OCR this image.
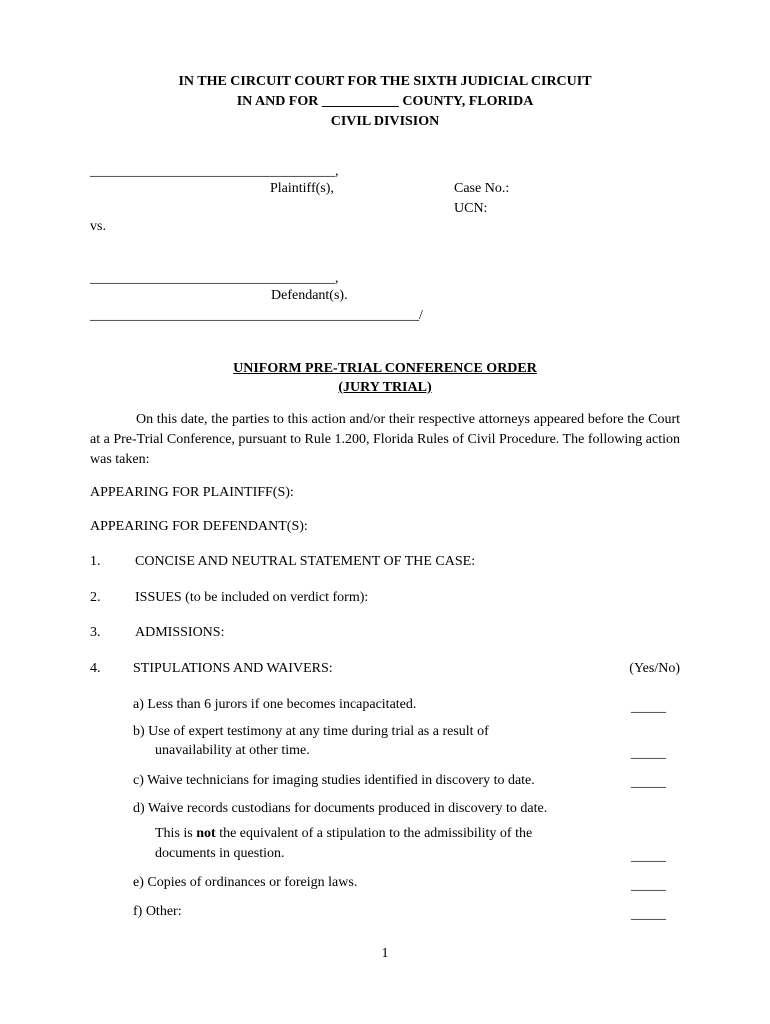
IN THE CIRCUIT COURT FOR THE SIXTH JUDICIAL CIRCUIT
IN AND FOR ___________ COUNTY, FLORIDA
CIVIL DIVISION
___________________________________,
Plaintiff(s),	Case No.:
UCN:
vs.
___________________________________,
Defendant(s).
_______________________________________________/
UNIFORM PRE-TRIAL CONFERENCE ORDER
(JURY TRIAL)
On this date, the parties to this action and/or their respective attorneys appeared before the Court at a Pre-Trial Conference, pursuant to Rule 1.200, Florida Rules of Civil Procedure. The following action was taken:
APPEARING FOR PLAINTIFF(S):
APPEARING FOR DEFENDANT(S):
1. CONCISE AND NEUTRAL STATEMENT OF THE CASE:
2. ISSUES (to be included on verdict form):
3. ADMISSIONS:
4. STIPULATIONS AND WAIVERS:	(Yes/No)
a) Less than 6 jurors if one becomes incapacitated.	_____
b) Use of expert testimony at any time during trial as a result of
unavailability at other time.	_____
c) Waive technicians for imaging studies identified in discovery to date.	_____
d) Waive records custodians for documents produced in discovery to date.
This is not the equivalent of a stipulation to the admissibility of the
documents in question.	_____
e) Copies of ordinances or foreign laws.	_____
f) Other:	_____
1
